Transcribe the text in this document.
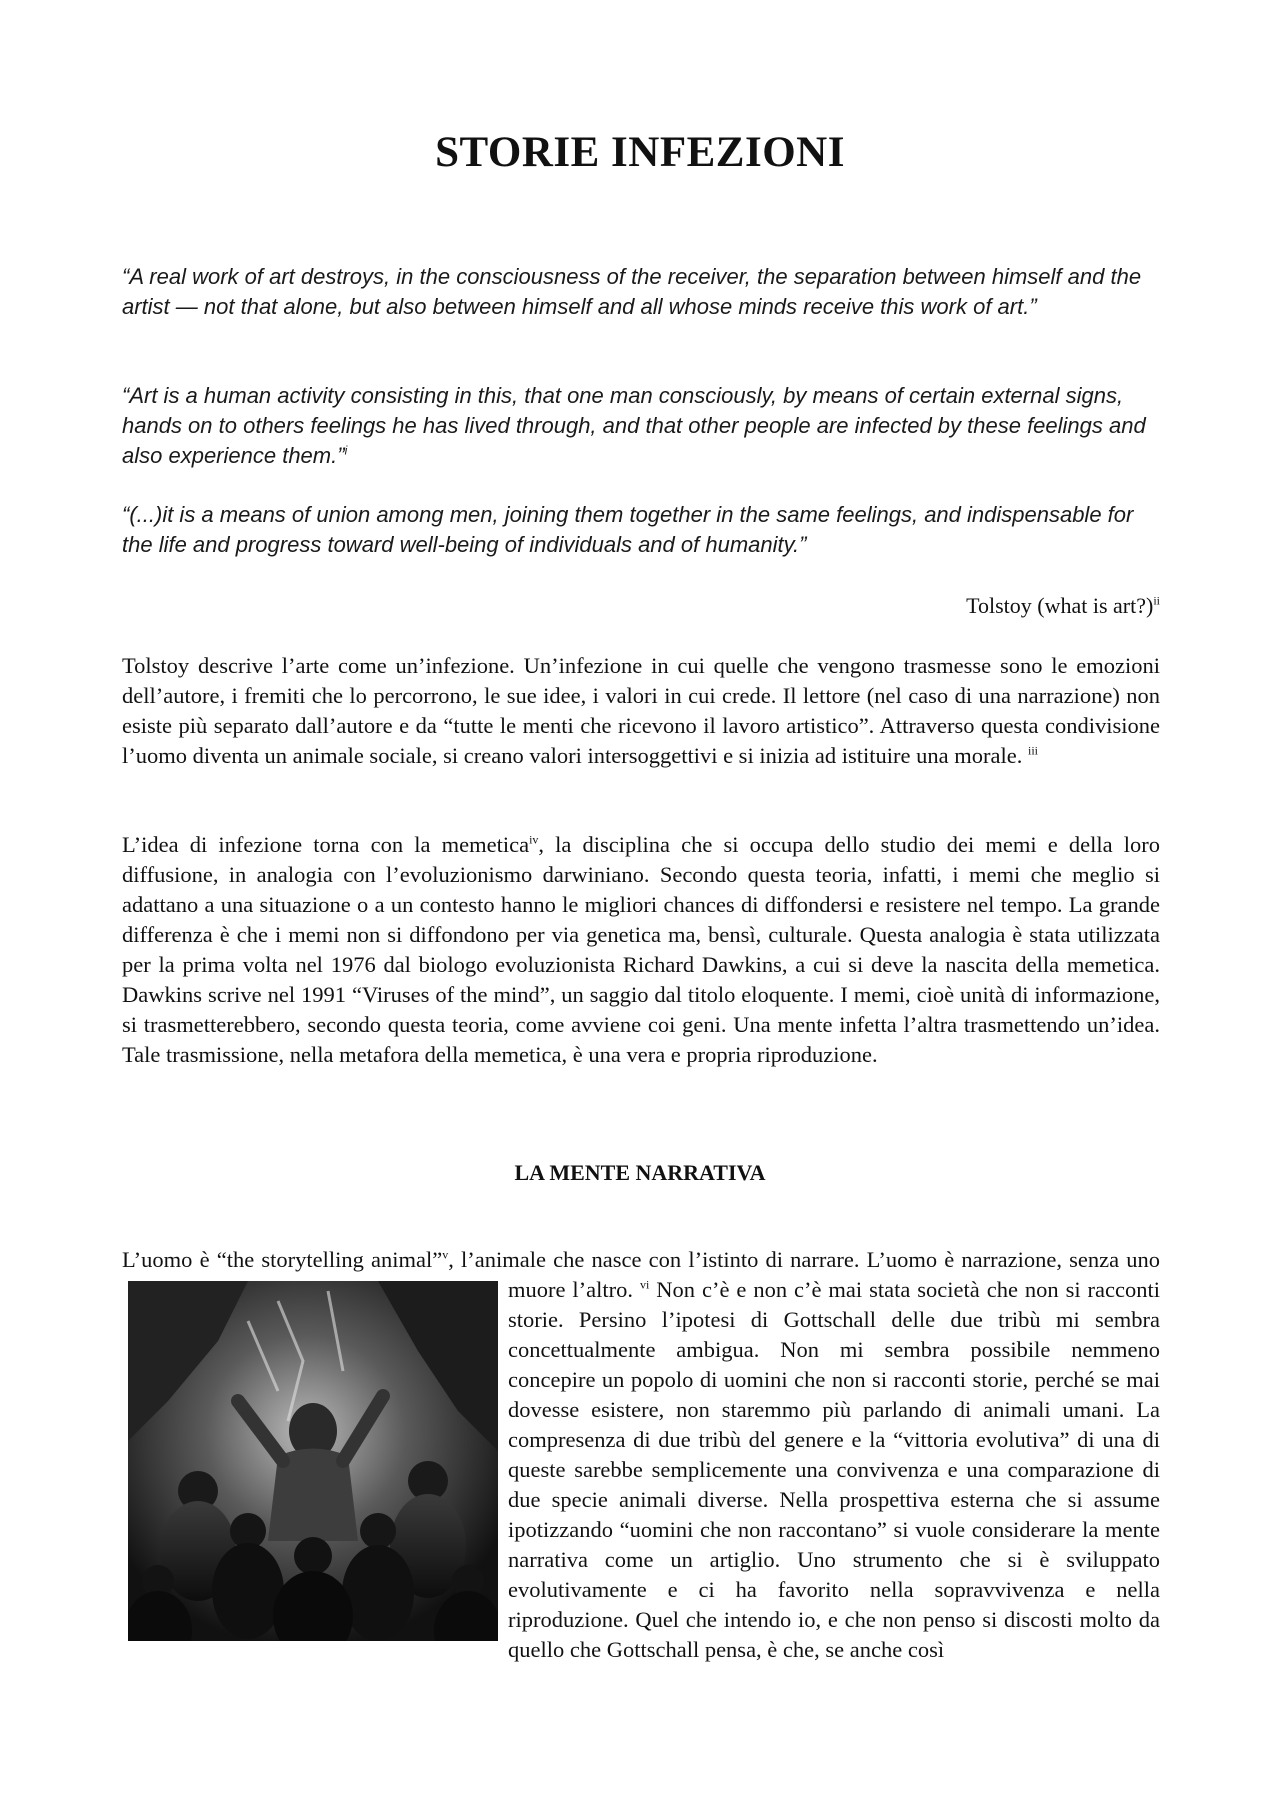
STORIE INFEZIONI

“A real work of art destroys, in the consciousness of the receiver, the separation between himself and the artist — not that alone, but also between himself and all whose minds receive this work of art.”

“Art is a human activity consisting in this, that one man consciously, by means of certain external signs, hands on to others feelings he has lived through, and that other people are infected by these feelings and also experience them.”$^i$

“(...)it is a means of union among men, joining them together in the same feelings, and indispensable for the life and progress toward well-being of individuals and of humanity.”

Tolstoy (what is art?)$^{ii}$

Tolstoy descrive l’arte come un’infezione. Un’infezione in cui quelle che vengono trasmesse sono le emozioni dell’autore, i fremiti che lo percorrono, le sue idee, i valori in cui crede. Il lettore (nel caso di una narrazione) non esiste più separato dall’autore e da “tutte le menti che ricevono il lavoro artistico”. Attraverso questa condivisione l’uomo diventa un animale sociale, si creano valori intersoggettivi e si inizia ad istituire una morale. $^{iii}$

L’idea di infezione torna con la memetica$^{iv}$, la disciplina che si occupa dello studio dei memi e della loro diffusione, in analogia con l’evoluzionismo darwiniano. Secondo questa teoria, infatti, i memi che meglio si adattano a una situazione o a un contesto hanno le migliori chances di diffondersi e resistere nel tempo. La grande differenza è che i memi non si diffondono per via genetica ma, bensì, culturale. Questa analogia è stata utilizzata per la prima volta nel 1976 dal biologo evoluzionista Richard Dawkins, a cui si deve la nascita della memetica. Dawkins scrive nel 1991 “Viruses of the mind”, un saggio dal titolo eloquente. I memi, cioè unità di informazione, si trasmetterebbero, secondo questa teoria, come avviene coi geni. Una mente infetta l’altra trasmettendo un’idea. Tale trasmissione, nella metafora della memetica, è una vera e propria riproduzione.

LA MENTE NARRATIVA
L’uomo è “the storytelling animal”$^v$, l’animale che nasce con l’istinto di narrare. L’uomo è narrazione, senza uno muore l’altro. $^{vi}$
Non c’è e non c’è mai stata società che non si racconti storie. Persino l’ipotesi di Gottschall delle due tribù mi sembra concettualmente ambigua. Non mi sembra possibile nemmeno concepire un popolo di uomini che non si racconti storie, perché se mai dovesse esistere, non staremmo più parlando di animali umani. La compresenza di due tribù del genere e la “vittoria evolutiva” di una di queste sarebbe semplicemente una convivenza e una comparazione di due specie animali diverse. Nella prospettiva esterna che si assume ipotizzando “uomini che non raccontano” si vuole considerare la mente narrativa come un artiglio. Uno strumento che si è sviluppato evolutivamente e ci ha favorito nella sopravvivenza e nella riproduzione. Quel che intendo io, e che non penso si discosti molto da quello che Gottschall pensa, è che, se anche così
